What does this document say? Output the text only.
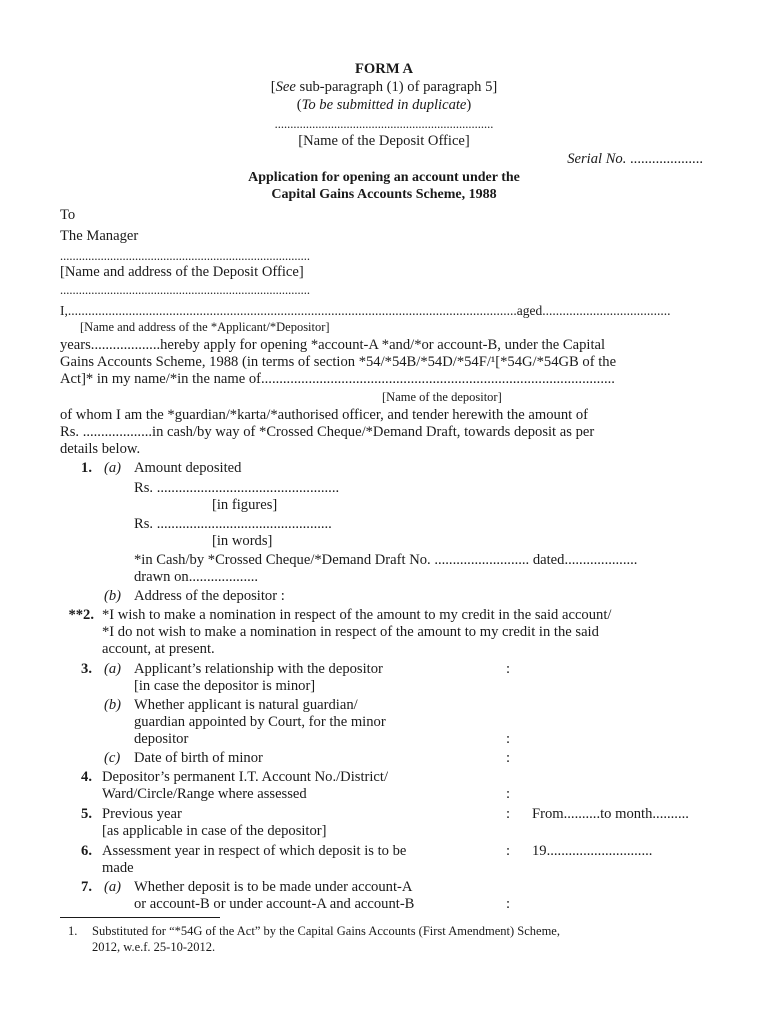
FORM A
[See sub-paragraph (1) of paragraph 5]
(To be submitted in duplicate)
......................................................................
[Name of the Deposit Office]
Serial No. ....................
Application for opening an account under the
Capital Gains Accounts Scheme, 1988
To
The Manager
................................................................................
[Name and address of the Deposit Office]
................................................................................
I,.....................................................................................................................................aged......................................
[Name and address of the *Applicant/*Depositor]
years...................hereby apply for opening *account-A *and/*or account-B, under the Capital
Gains Accounts Scheme, 1988 (in terms of section *54/*54B/*54D/*54F/¹[*54G/*54GB of the
Act]* in my name/*in the name of.................................................................................................
[Name of the depositor]
of whom I am the *guardian/*karta/*authorised officer, and tender herewith the amount of
Rs. ...................in cash/by way of *Crossed Cheque/*Demand Draft, towards deposit as per
details below.
1. (a) Amount deposited
Rs. ..................................................
[in figures]
Rs. ................................................
[in words]
*in Cash/by *Crossed Cheque/*Demand Draft No. .......................... dated....................
drawn on...................
(b) Address of the depositor :
**2. *I wish to make a nomination in respect of the amount to my credit in the said account/
*I do not wish to make a nomination in respect of the amount to my credit in the said
account, at present.
3. (a) Applicant’s relationship with the depositor	:
[in case the depositor is minor]
(b) Whether applicant is natural guardian/
guardian appointed by Court, for the minor
depositor	:
(c) Date of birth of minor	:
4. Depositor’s permanent I.T. Account No./District/
Ward/Circle/Range where assessed	:
5. Previous year	: From..........to month..........
[as applicable in case of the depositor]
6. Assessment year in respect of which deposit is to be	: 19.............................
made
7. (a) Whether deposit is to be made under account-A
or account-B or under account-A and account-B	:
1. Substituted for “*54G of the Act” by the Capital Gains Accounts (First Amendment) Scheme,
2012, w.e.f. 25-10-2012.
